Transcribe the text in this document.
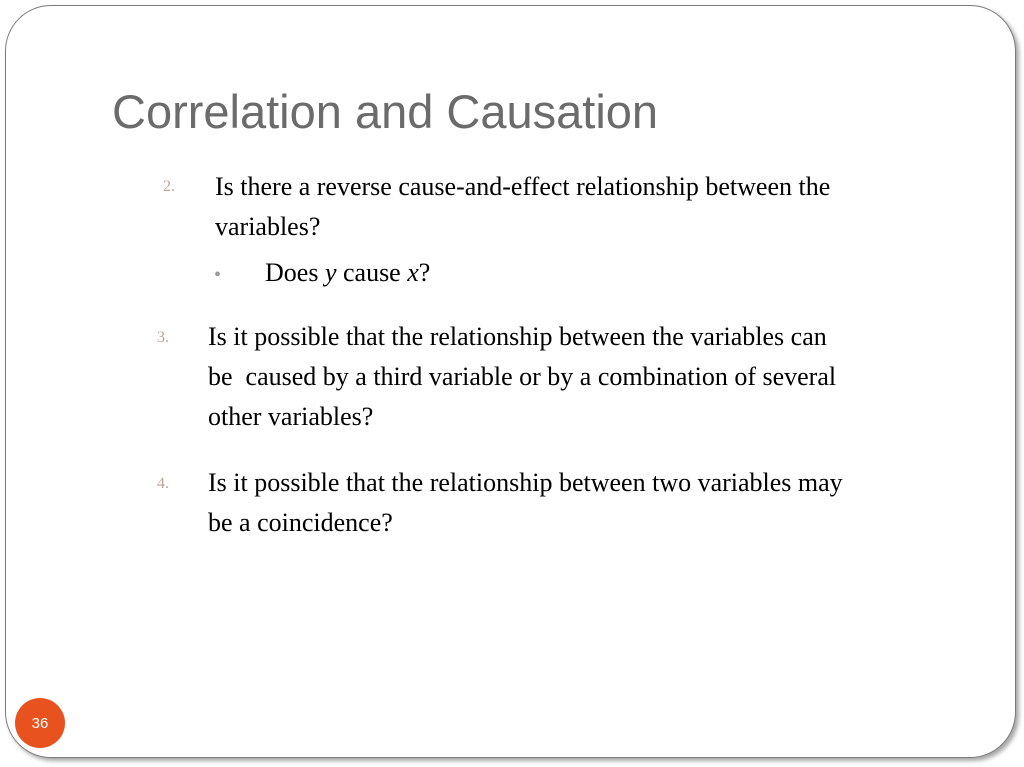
Correlation and Causation
2. Is there a reverse cause-and-effect relationship between the
variables?
• Does y cause x?
3. Is it possible that the relationship between the variables can
be  caused by a third variable or by a combination of several
other variables?
4. Is it possible that the relationship between two variables may
be a coincidence?
36
